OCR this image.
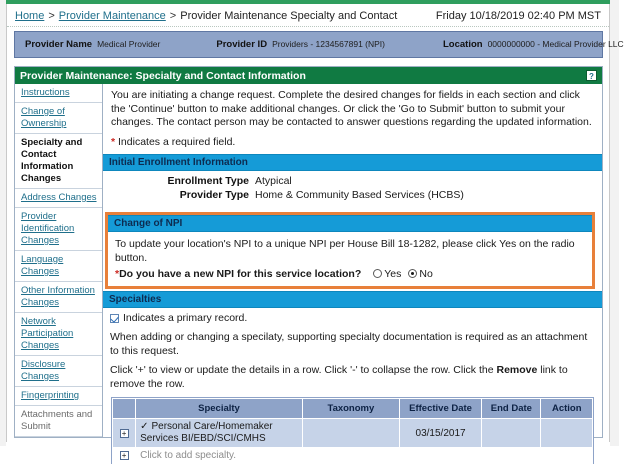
Home > Provider Maintenance > Provider Maintenance Specialty and Contact	Friday 10/18/2019 02:40 PM MST
Provider Name Medical Provider	Provider ID Providers - 1234567891 (NPI)	Location 0000000000 - Medical Provider LLC
Provider Maintenance: Specialty and Contact Information	?
Instructions
Change of Ownership
Specialty and Contact Information Changes
Address Changes
Provider Identification Changes
Language Changes
Other Information Changes
Network Participation Changes
Disclosure Changes
Fingerprinting
Attachments and Submit
You are initiating a change request. Complete the desired changes for fields in each section and click the 'Continue' button to make additional changes. Or click the 'Go to Submit' button to submit your changes. The contact person may be contacted to answer questions regarding the updated information.
* Indicates a required field.
Initial Enrollment Information
Enrollment Type Atypical
Provider Type Home & Community Based Services (HCBS)
Change of NPI
To update your location's NPI to a unique NPI per House Bill 18-1282, please click Yes on the radio button.
* Do you have a new NPI for this service location? Yes No
Specialties
Indicates a primary record.
When adding or changing a specilaty, supporting specialty documentation is required as an attachment to this request.
Click '+' to view or update the details in a row. Click '-' to collapse the row. Click the Remove link to remove the row.
	Specialty	Taxonomy	Effective Date	End Date	Action
+	✓ Personal Care/Homemaker Services BI/EBD/SCI/CMHS		03/15/2017		
+	Click to add specialty.				
